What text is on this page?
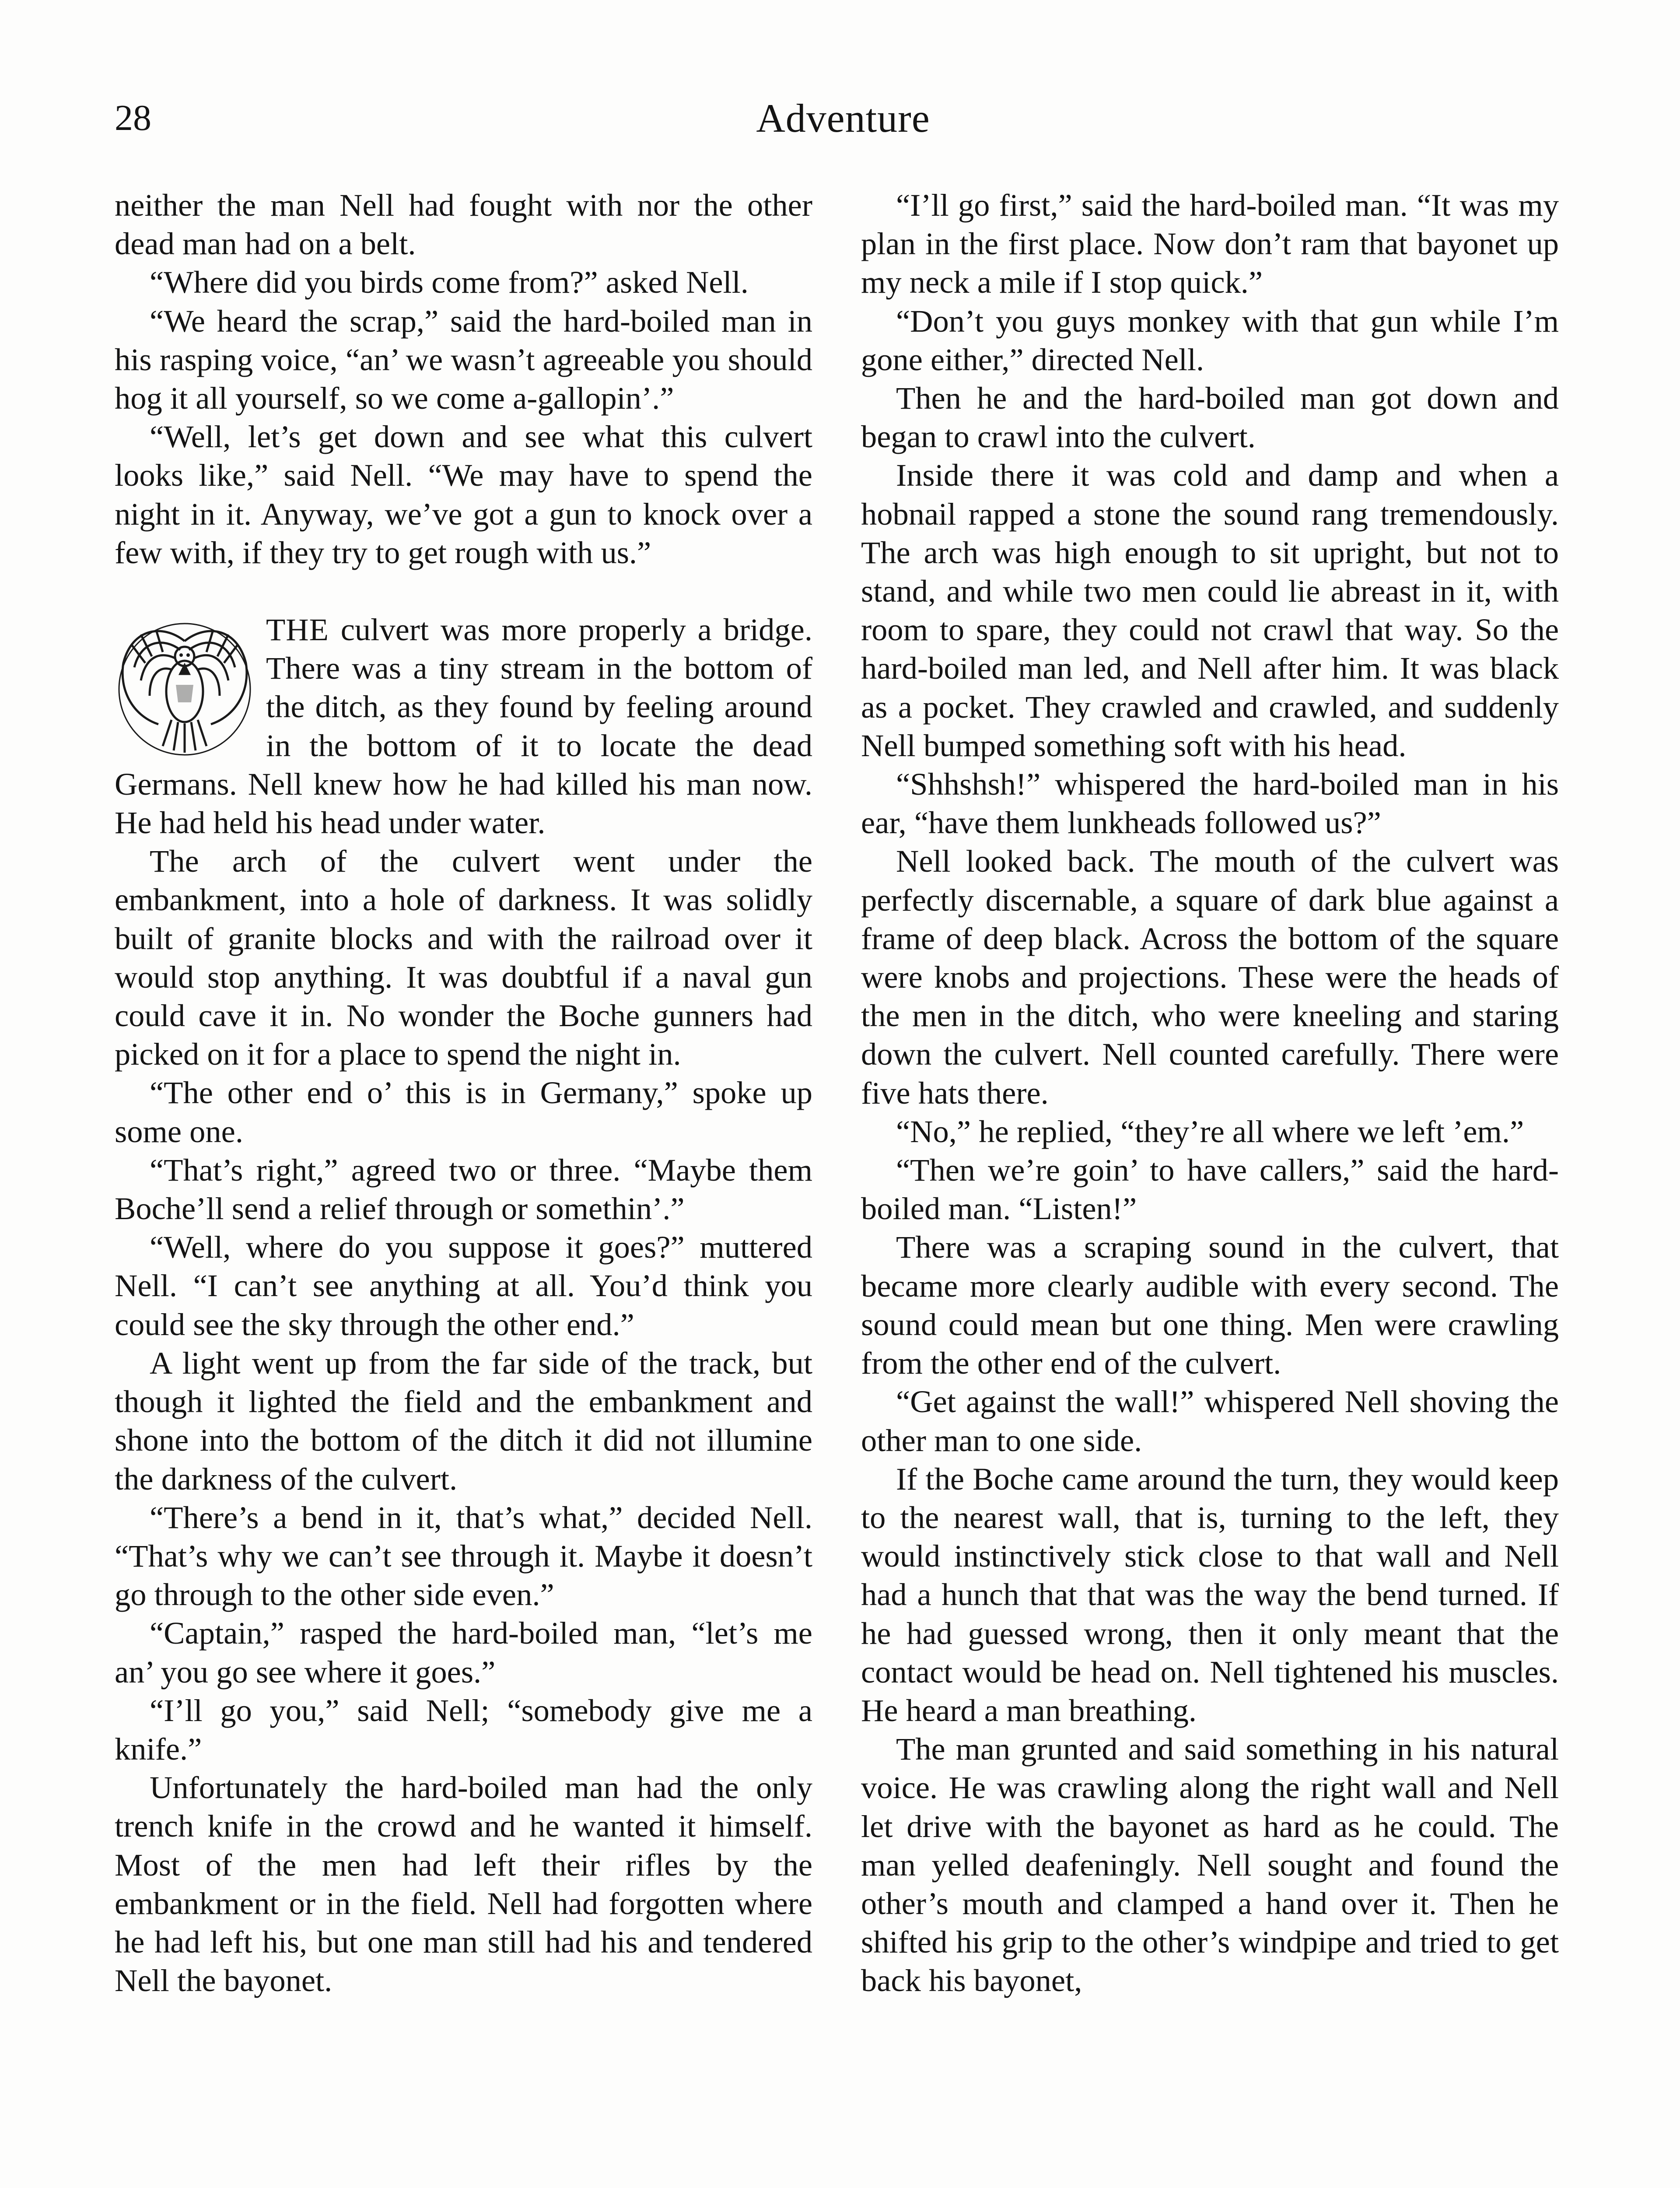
28	Adventure

neither the man Nell had fought with nor the other dead man had on a belt.

“Where did you birds come from?” asked Nell.

“We heard the scrap,” said the hard-boiled man in his rasping voice, “an’ we wasn’t agreeable you should hog it all yourself, so we come a-gallopin’.”

“Well, let’s get down and see what this culvert looks like,” said Nell. “We may have to spend the night in it. Anyway, we’ve got a gun to knock over a few with, if they try to get rough with us.”

THE culvert was more properly a bridge. There was a tiny stream in the bottom of the ditch, as they found by feeling around in the bottom of it to locate the dead Germans. Nell knew how he had killed his man now. He had held his head under water.

The arch of the culvert went under the embankment, into a hole of darkness. It was solidly built of granite blocks and with the railroad over it would stop anything. It was doubtful if a naval gun could cave it in. No wonder the Boche gunners had picked on it for a place to spend the night in.

“The other end o’ this is in Germany,” spoke up some one.

“That’s right,” agreed two or three. “Maybe them Boche’ll send a relief through or somethin’.”

“Well, where do you suppose it goes?” muttered Nell. “I can’t see anything at all. You’d think you could see the sky through the other end.”

A light went up from the far side of the track, but though it lighted the field and the embankment and shone into the bottom of the ditch it did not illumine the darkness of the culvert.

“There’s a bend in it, that’s what,” decided Nell. “That’s why we can’t see through it. Maybe it doesn’t go through to the other side even.”

“Captain,” rasped the hard-boiled man, “let’s me an’ you go see where it goes.”

“I’ll go you,” said Nell; “somebody give me a knife.”

Unfortunately the hard-boiled man had the only trench knife in the crowd and he wanted it himself. Most of the men had left their rifles by the embankment or in the field. Nell had forgotten where he had left his, but one man still had his and tendered Nell the bayonet.

“I’ll go first,” said the hard-boiled man. “It was my plan in the first place. Now don’t ram that bayonet up my neck a mile if I stop quick.”

“Don’t you guys monkey with that gun while I’m gone either,” directed Nell.

Then he and the hard-boiled man got down and began to crawl into the culvert.

Inside there it was cold and damp and when a hobnail rapped a stone the sound rang tremendously. The arch was high enough to sit upright, but not to stand, and while two men could lie abreast in it, with room to spare, they could not crawl that way. So the hard-boiled man led, and Nell after him. It was black as a pocket. They crawled and crawled, and suddenly Nell bumped something soft with his head.

“Shhshsh!” whispered the hard-boiled man in his ear, “have them lunkheads followed us?”

Nell looked back. The mouth of the culvert was perfectly discernable, a square of dark blue against a frame of deep black. Across the bottom of the square were knobs and projections. These were the heads of the men in the ditch, who were kneeling and staring down the culvert. Nell counted carefully. There were five hats there.

“No,” he replied, “they’re all where we left ’em.”

“Then we’re goin’ to have callers,” said the hard-boiled man. “Listen!”

There was a scraping sound in the culvert, that became more clearly audible with every second. The sound could mean but one thing. Men were crawling from the other end of the culvert.

“Get against the wall!” whispered Nell shoving the other man to one side.

If the Boche came around the turn, they would keep to the nearest wall, that is, turning to the left, they would instinctively stick close to that wall and Nell had a hunch that that was the way the bend turned. If he had guessed wrong, then it only meant that the contact would be head on. Nell tightened his muscles. He heard a man breathing.

The man grunted and said something in his natural voice. He was crawling along the right wall and Nell let drive with the bayonet as hard as he could. The man yelled deafeningly. Nell sought and found the other’s mouth and clamped a hand over it. Then he shifted his grip to the other’s windpipe and tried to get back his bayonet,
